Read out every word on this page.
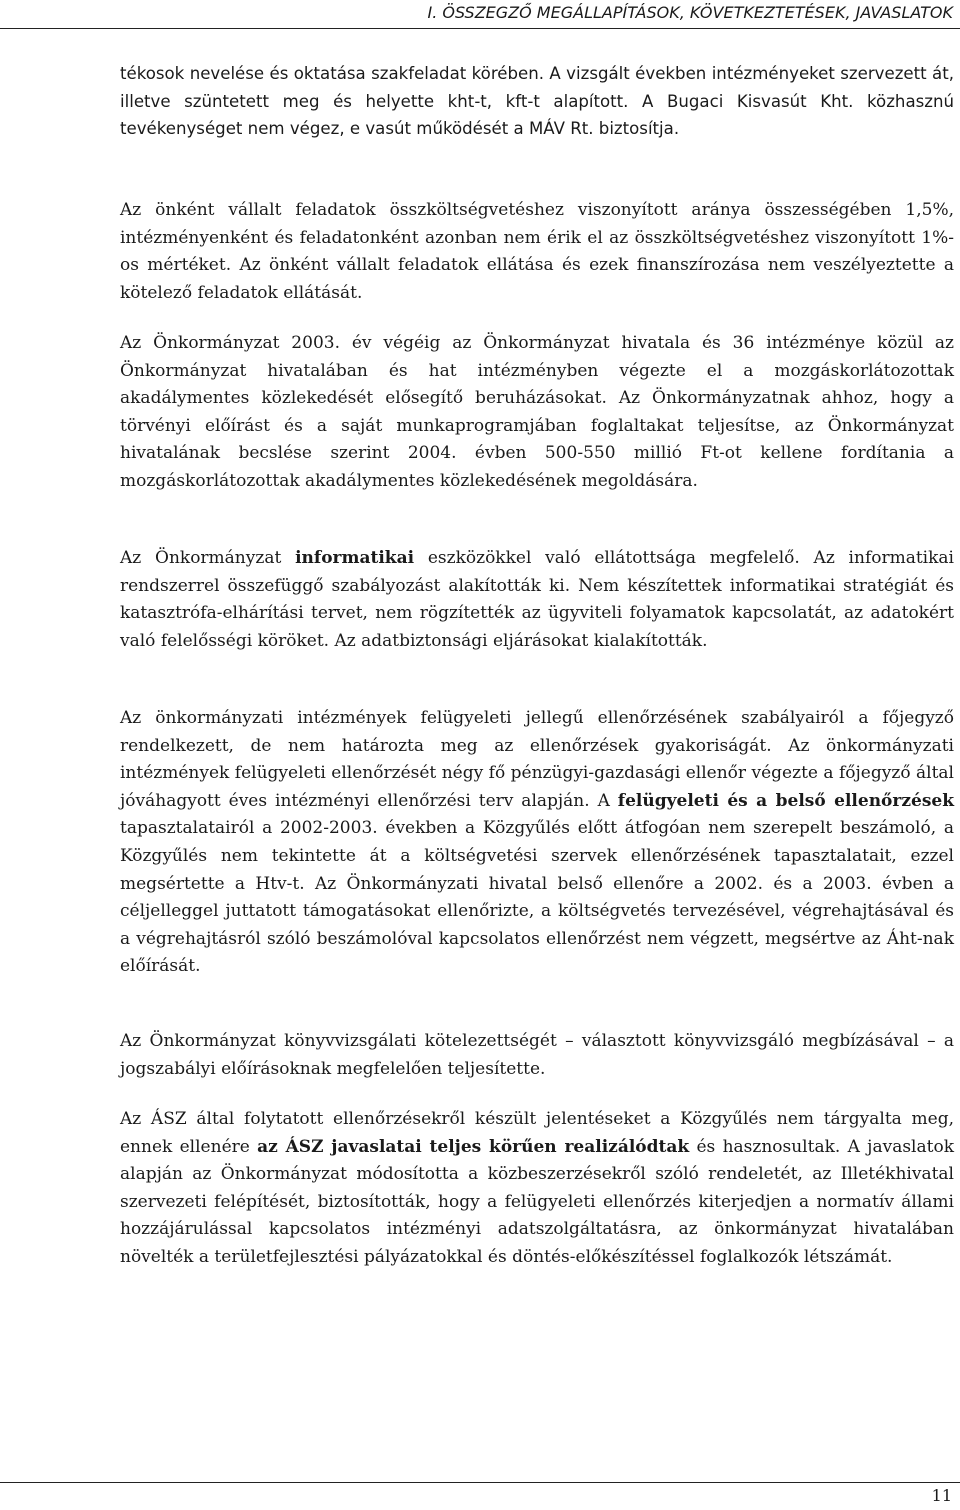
I. ÖSSZEGZŐ MEGÁLLAPÍTÁSOK, KÖVETKEZTETÉSEK, JAVASLATOK

tékosok nevelése és oktatása szakfeladat körében. A vizsgált években intézményeket szervezett át, illetve szüntetett meg és helyette kht-t, kft-t alapított. A Bugaci Kisvasút Kht. közhasznú tevékenységet nem végez, e vasút működését a MÁV Rt. biztosítja.

Az önként vállalt feladatok összköltségvetéshez viszonyított aránya összességében 1,5%, intézményenként és feladatonként azonban nem érik el az összköltségvetéshez viszonyított 1%-os mértéket. Az önként vállalt feladatok ellátása és ezek finanszírozása nem veszélyeztette a kötelező feladatok ellátását.

Az Önkormányzat 2003. év végéig az Önkormányzat hivatala és 36 intézménye közül az Önkormányzat hivatalában és hat intézményben végezte el a mozgáskorlátozottak akadálymentes közlekedését elősegítő beruházásokat. Az Önkormányzatnak ahhoz, hogy a törvényi előírást és a saját munkaprogramjában foglaltakat teljesítse, az Önkormányzat hivatalának becslése szerint 2004. évben 500-550 millió Ft-ot kellene fordítania a mozgáskorlátozottak akadálymentes közlekedésének megoldására.

Az Önkormányzat informatikai eszközökkel való ellátottsága megfelelő. Az informatikai rendszerrel összefüggő szabályozást alakították ki. Nem készítettek informatikai stratégiát és katasztrófa-elhárítási tervet, nem rögzítették az ügyviteli folyamatok kapcsolatát, az adatokért való felelősségi köröket. Az adatbiztonsági eljárásokat kialakították.

Az önkormányzati intézmények felügyeleti jellegű ellenőrzésének szabályairól a főjegyző rendelkezett, de nem határozta meg az ellenőrzések gyakoriságát. Az önkormányzati intézmények felügyeleti ellenőrzését négy fő pénzügyi-gazdasági ellenőr végezte a főjegyző által jóváhagyott éves intézményi ellenőrzési terv alapján. A felügyeleti és a belső ellenőrzések tapasztalatairól a 2002-2003. években a Közgyűlés előtt átfogóan nem szerepelt beszámoló, a Közgyűlés nem tekintette át a költségvetési szervek ellenőrzésének tapasztalatait, ezzel megsértette a Htv-t. Az Önkormányzati hivatal belső ellenőre a 2002. és a 2003. évben a céljelleggel juttatott támogatásokat ellenőrizte, a költségvetés tervezésével, végrehajtásával és a végrehajtásról szóló beszámolóval kapcsolatos ellenőrzést nem végzett, megsértve az Áht-nak előírását.

Az Önkormányzat könyvvizsgálati kötelezettségét – választott könyvvizsgáló megbízásával – a jogszabályi előírásoknak megfelelően teljesítette.

Az ÁSZ által folytatott ellenőrzésekről készült jelentéseket a Közgyűlés nem tárgyalta meg, ennek ellenére az ÁSZ javaslatai teljes körűen realizálódtak és hasznosultak. A javaslatok alapján az Önkormányzat módosította a közbeszerzésekről szóló rendeletét, az Illetékhivatal szervezeti felépítését, biztosították, hogy a felügyeleti ellenőrzés kiterjedjen a normatív állami hozzájárulással kapcsolatos intézményi adatszolgáltatásra, az önkormányzat hivatalában növelték a területfejlesztési pályázatokkal és döntés-előkészítéssel foglalkozók létszámát.

11
